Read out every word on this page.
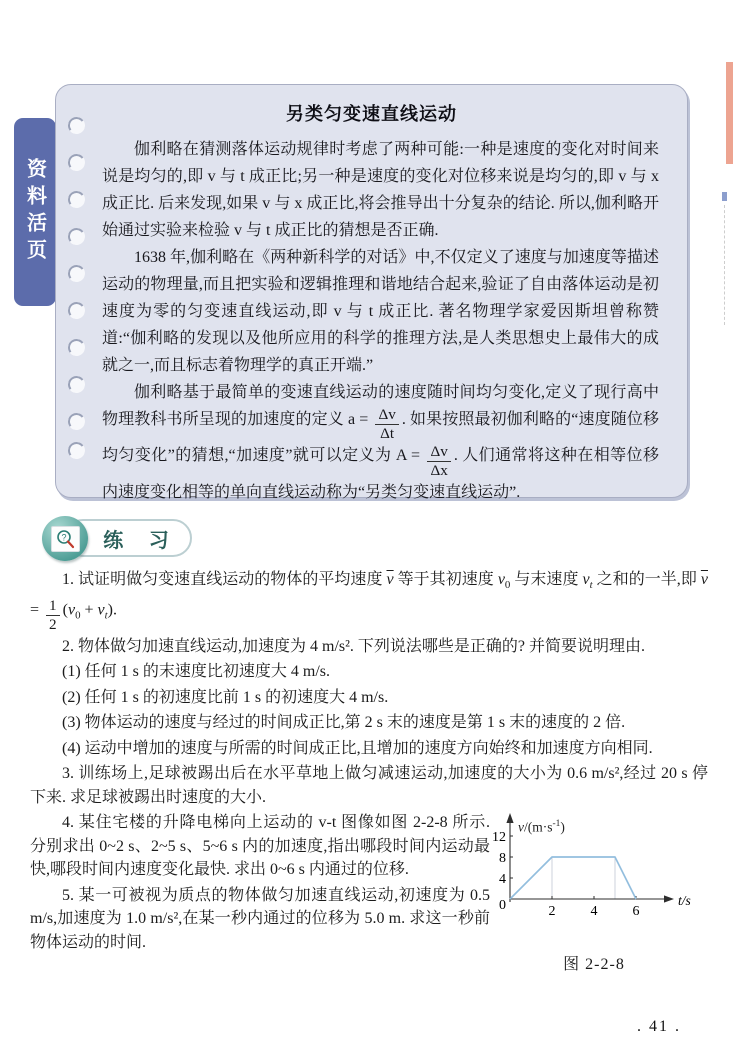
资料活页
另类匀变速直线运动

伽利略在猜测落体运动规律时考虑了两种可能:一种是速度的变化对时间来说是均匀的,即 v 与 t 成正比;另一种是速度的变化对位移来说是均匀的,即 v 与 x 成正比. 后来发现,如果 v 与 x 成正比,将会推导出十分复杂的结论. 所以,伽利略开始通过实验来检验 v 与 t 成正比的猜想是否正确.

1638 年,伽利略在《两种新科学的对话》中,不仅定义了速度与加速度等描述运动的物理量,而且把实验和逻辑推理和谐地结合起来,验证了自由落体运动是初速度为零的匀变速直线运动,即 v 与 t 成正比. 著名物理学家爱因斯坦曾称赞道:“伽利略的发现以及他所应用的科学的推理方法,是人类思想史上最伟大的成就之一,而且标志着物理学的真正开端.”

伽利略基于最简单的变速直线运动的速度随时间均匀变化,定义了现行高中物理教科书所呈现的加速度的定义 $a = \frac{\Delta v}{\Delta t}$ . 如果按照最初伽利略的“速度随位移均匀变化”的猜想,“加速度”就可以定义为 $A = \frac{\Delta v}{\Delta x}$ . 人们通常将这种在相等位移内速度变化相等的单向直线运动称为“另类匀变速直线运动”.

练 习
?

1. 试证明做匀变速直线运动的物体的平均速度 $\overline{v}$ 等于其初速度 $v_0$ 与末速度 $v_t$ 之和的一半,即 $\overline{v} = \frac{1}{2} (v_0 + v_t)$.

2. 物体做匀加速直线运动,加速度为 4 m/s². 下列说法哪些是正确的? 并简要说明理由.

(1) 任何 1 s 的末速度比初速度大 4 m/s.

(2) 任何 1 s 的初速度比前 1 s 的初速度大 4 m/s.

(3) 物体运动的速度与经过的时间成正比,第 2 s 末的速度是第 1 s 末的速度的 2 倍.

(4) 运动中增加的速度与所需的时间成正比,且增加的速度方向始终和加速度方向相同.

3. 训练场上,足球被踢出后在水平草地上做匀减速运动,加速度的大小为 0.6 m/s²,经过 20 s 停下来. 求足球被踢出时速度的大小.

4. 某住宅楼的升降电梯向上运动的 v-t 图像如图 2-2-8 所示. 分别求出 0~2 s、2~5 s、5~6 s 内的加速度,指出哪段时间内运动最快,哪段时间内速度变化最快. 求出 0~6 s 内通过的位移.

5. 某一可被视为质点的物体做匀加速直线运动,初速度为 0.5 m/s,加速度为 1.0 m/s²,在某一秒内通过的位移为 5.0 m. 求这一秒前物体运动的时间.

$v/(m\cdot s^{-1})$
2	4	6
4
8
12
0	t/s
图 2-2-8
. 41 .
